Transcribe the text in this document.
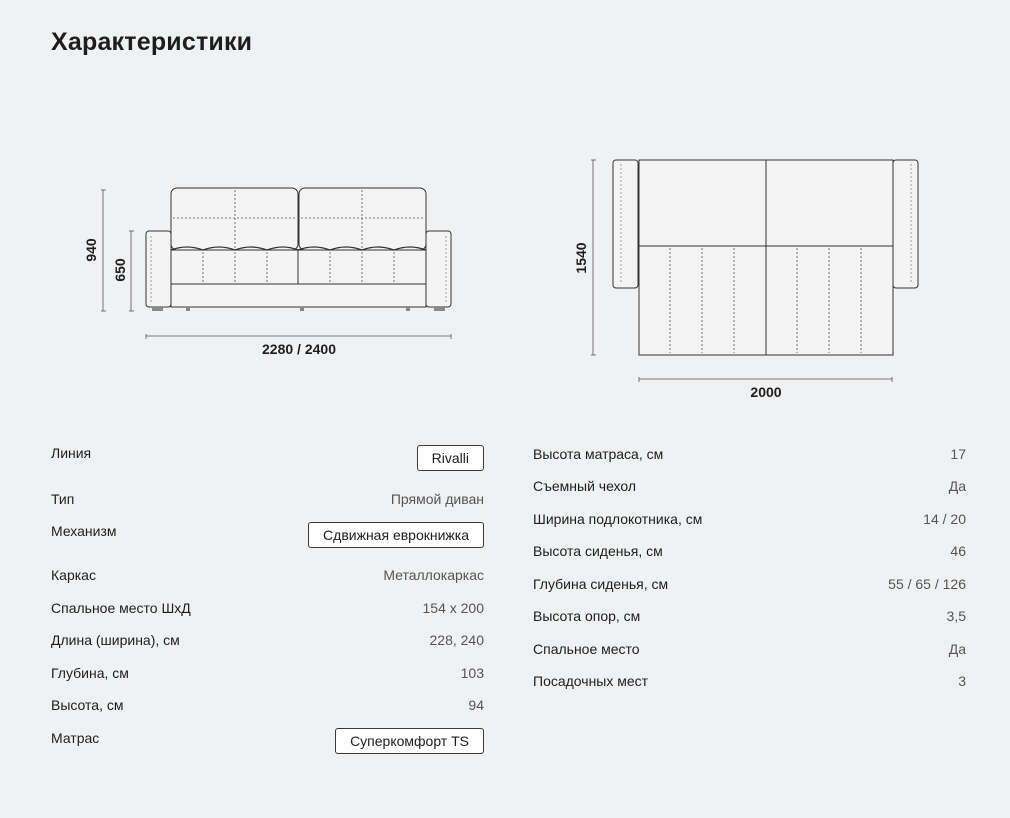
Характеристики
940
650
2280 / 2400
1540
2000
Линия	Rivalli
Тип	Прямой диван
Механизм	Сдвижная еврокнижка
Каркас	Металлокаркас
Спальное место ШхД	154 х 200
Длина (ширина), см	228, 240
Глубина, см	103
Высота, см	94
Матрас	Суперкомфорт TS
Высота матраса, см	17
Съемный чехол	Да
Ширина подлокотника, см	14 / 20
Высота сиденья, см	46
Глубина сиденья, см	55 / 65 / 126
Высота опор, см	3,5
Спальное место	Да
Посадочных мест	3
